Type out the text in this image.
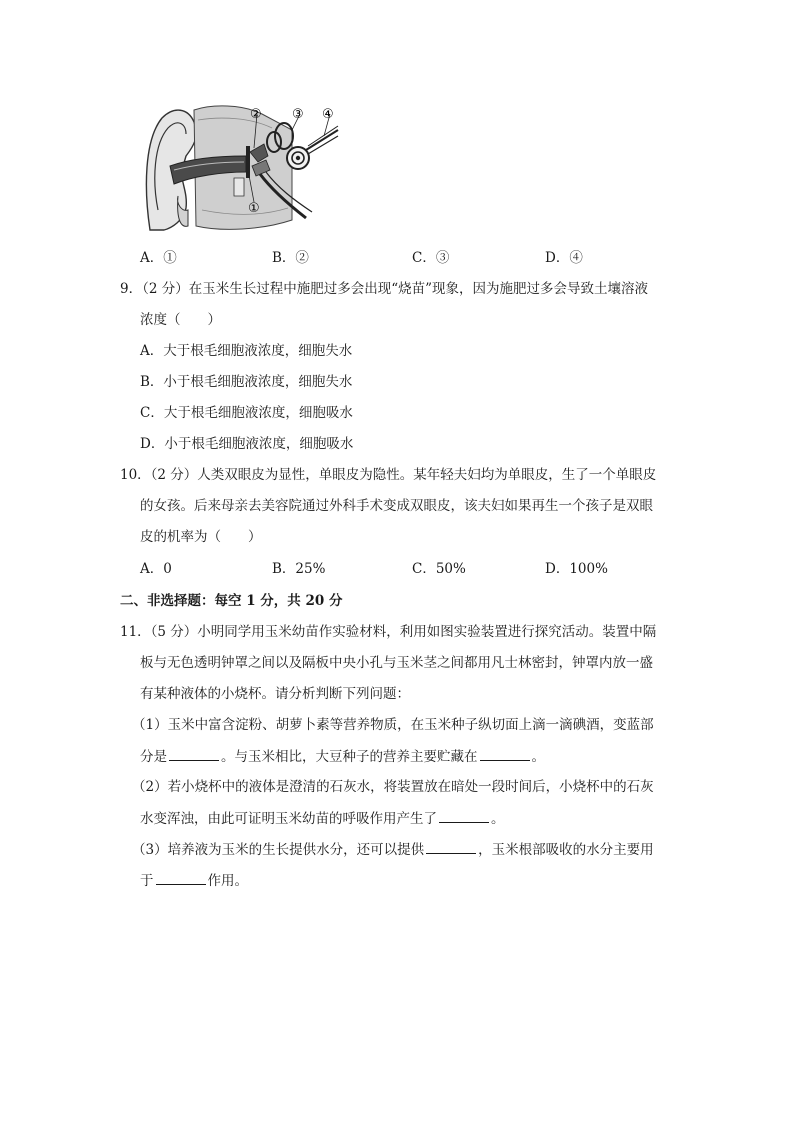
② ③ ④
①
A．①	B．②	C．③	D．④
9．（2 分）在玉米生长过程中施肥过多会出现“烧苗”现象，因为施肥过多会导致土壤溶液
浓度（　　）
A．大于根毛细胞液浓度，细胞失水
B．小于根毛细胞液浓度，细胞失水
C．大于根毛细胞液浓度，细胞吸水
D．小于根毛细胞液浓度，细胞吸水
10．（2 分）人类双眼皮为显性，单眼皮为隐性。某年轻夫妇均为单眼皮，生了一个单眼皮
的女孩。后来母亲去美容院通过外科手术变成双眼皮，该夫妇如果再生一个孩子是双眼
皮的机率为（　　）
A．0	B．25%	C．50%	D．100%
二、非选择题：每空 1 分，共 20 分
11．（5 分）小明同学用玉米幼苗作实验材料，利用如图实验装置进行探究活动。装置中隔
板与无色透明钟罩之间以及隔板中央小孔与玉米茎之间都用凡士林密封，钟罩内放一盛
有某种液体的小烧杯。请分析判断下列问题：
（1）玉米中富含淀粉、胡萝卜素等营养物质，在玉米种子纵切面上滴一滴碘酒，变蓝部
分是	。与玉米相比，大豆种子的营养主要贮藏在	。
（2）若小烧杯中的液体是澄清的石灰水，将装置放在暗处一段时间后，小烧杯中的石灰
水变浑浊，由此可证明玉米幼苗的呼吸作用产生了	。
（3）培养液为玉米的生长提供水分，还可以提供	，玉米根部吸收的水分主要用
于	作用。
